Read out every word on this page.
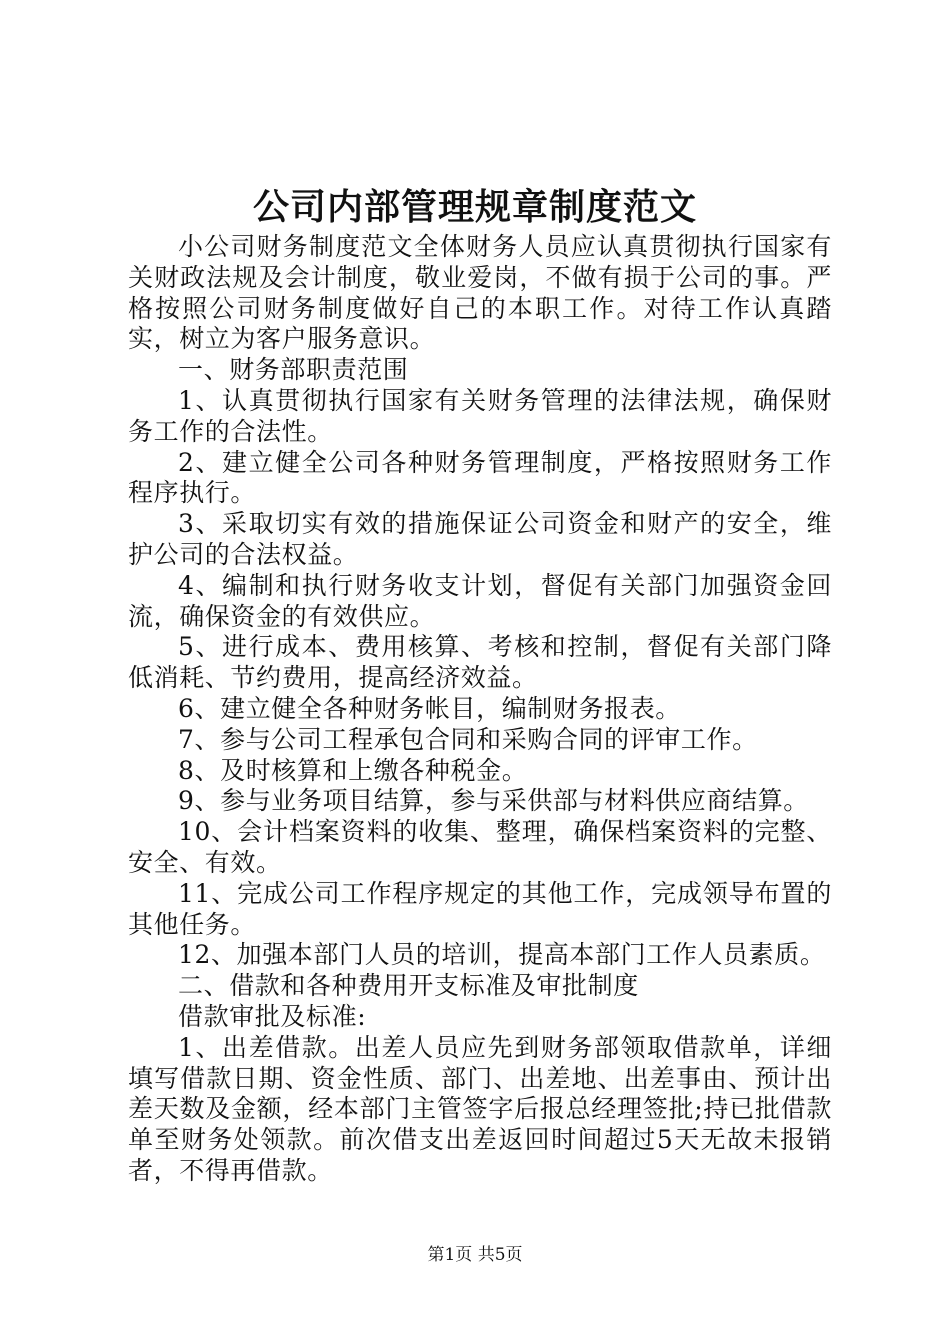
公司内部管理规章制度范文

小公司财务制度范文全体财务人员应认真贯彻执行国家有关财政法规及会计制度，敬业爱岗，不做有损于公司的事。严格按照公司财务制度做好自己的本职工作。对待工作认真踏实，树立为客户服务意识。

一、财务部职责范围

1、认真贯彻执行国家有关财务管理的法律法规，确保财务工作的合法性。

2、建立健全公司各种财务管理制度，严格按照财务工作程序执行。

3、采取切实有效的措施保证公司资金和财产的安全，维护公司的合法权益。

4、编制和执行财务收支计划，督促有关部门加强资金回流，确保资金的有效供应。

5、进行成本、费用核算、考核和控制，督促有关部门降低消耗、节约费用，提高经济效益。

6、建立健全各种财务帐目，编制财务报表。

7、参与公司工程承包合同和采购合同的评审工作。

8、及时核算和上缴各种税金。

9、参与业务项目结算，参与采供部与材料供应商结算。

10、会计档案资料的收集、整理，确保档案资料的完整、安全、有效。

11、完成公司工作程序规定的其他工作，完成领导布置的其他任务。

12、加强本部门人员的培训，提高本部门工作人员素质。

二、借款和各种费用开支标准及审批制度

借款审批及标准:

1、出差借款。出差人员应先到财务部领取借款单，详细填写借款日期、资金性质、部门、出差地、出差事由、预计出差天数及金额，经本部门主管签字后报总经理签批;持已批借款单至财务处领款。前次借支出差返回时间超过5天无故未报销者，不得再借款。

第1页 共5页
